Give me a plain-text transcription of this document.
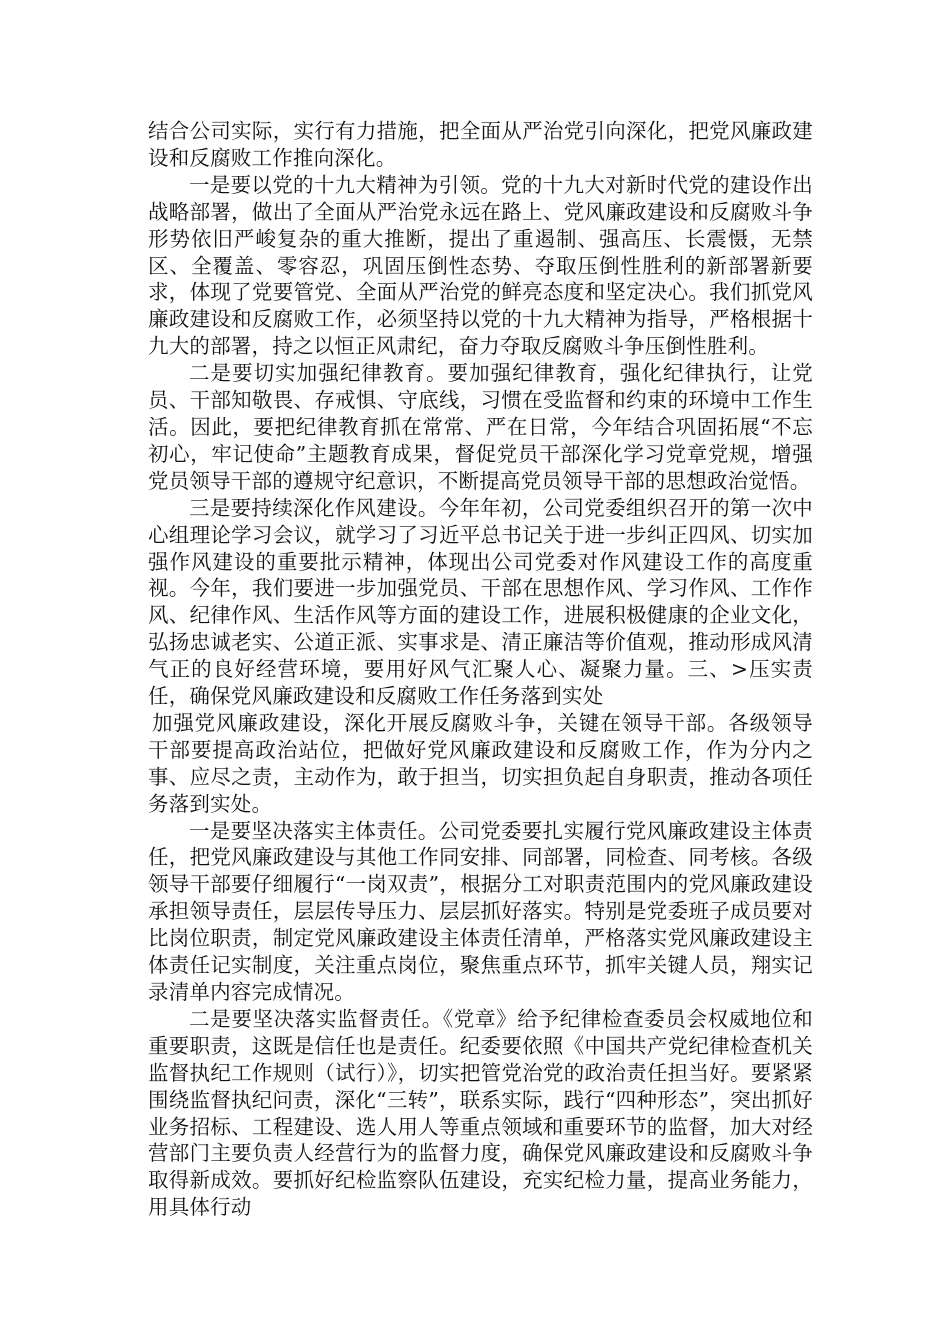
结合公司实际，实行有力措施，把全面从严治党引向深化，把党风廉政建设和反腐败工作推向深化。

一是要以党的十九大精神为引领。党的十九大对新时代党的建设作出战略部署，做出了全面从严治党永远在路上、党风廉政建设和反腐败斗争形势依旧严峻复杂的重大推断，提出了重遏制、强高压、长震慑，无禁区、全覆盖、零容忍，巩固压倒性态势、夺取压倒性胜利的新部署新要求，体现了党要管党、全面从严治党的鲜亮态度和坚定决心。我们抓党风廉政建设和反腐败工作，必须坚持以党的十九大精神为指导，严格根据十九大的部署，持之以恒正风肃纪，奋力夺取反腐败斗争压倒性胜利。

二是要切实加强纪律教育。要加强纪律教育，强化纪律执行，让党员、干部知敬畏、存戒惧、守底线，习惯在受监督和约束的环境中工作生活。因此，要把纪律教育抓在常常、严在日常，今年结合巩固拓展“不忘初心，牢记使命”主题教育成果，督促党员干部深化学习党章党规，增强党员领导干部的遵规守纪意识，不断提高党员领导干部的思想政治觉悟。

三是要持续深化作风建设。今年年初，公司党委组织召开的第一次中心组理论学习会议，就学习了习近平总书记关于进一步纠正四风、切实加强作风建设的重要批示精神，体现出公司党委对作风建设工作的高度重视。今年，我们要进一步加强党员、干部在思想作风、学习作风、工作作风、纪律作风、生活作风等方面的建设工作，进展积极健康的企业文化，弘扬忠诚老实、公道正派、实事求是、清正廉洁等价值观，推动形成风清气正的良好经营环境，要用好风气汇聚人心、凝聚力量。三、>压实责任，确保党风廉政建设和反腐败工作任务落到实处

加强党风廉政建设，深化开展反腐败斗争，关键在领导干部。各级领导干部要提高政治站位，把做好党风廉政建设和反腐败工作，作为分内之事、应尽之责，主动作为，敢于担当，切实担负起自身职责，推动各项任务落到实处。

一是要坚决落实主体责任。公司党委要扎实履行党风廉政建设主体责任，把党风廉政建设与其他工作同安排、同部署，同检查、同考核。各级领导干部要仔细履行“一岗双责”，根据分工对职责范围内的党风廉政建设承担领导责任，层层传导压力、层层抓好落实。特别是党委班子成员要对比岗位职责，制定党风廉政建设主体责任清单，严格落实党风廉政建设主体责任记实制度，关注重点岗位，聚焦重点环节，抓牢关键人员，翔实记录清单内容完成情况。

二是要坚决落实监督责任。《党章》给予纪律检查委员会权威地位和重要职责，这既是信任也是责任。纪委要依照《中国共产党纪律检查机关监督执纪工作规则（试行）》，切实把管党治党的政治责任担当好。要紧紧围绕监督执纪问责，深化“三转”，联系实际，践行“四种形态”，突出抓好业务招标、工程建设、选人用人等重点领域和重要环节的监督，加大对经营部门主要负责人经营行为的监督力度，确保党风廉政建设和反腐败斗争取得新成效。要抓好纪检监察队伍建设，充实纪检力量，提高业务能力，用具体行动
